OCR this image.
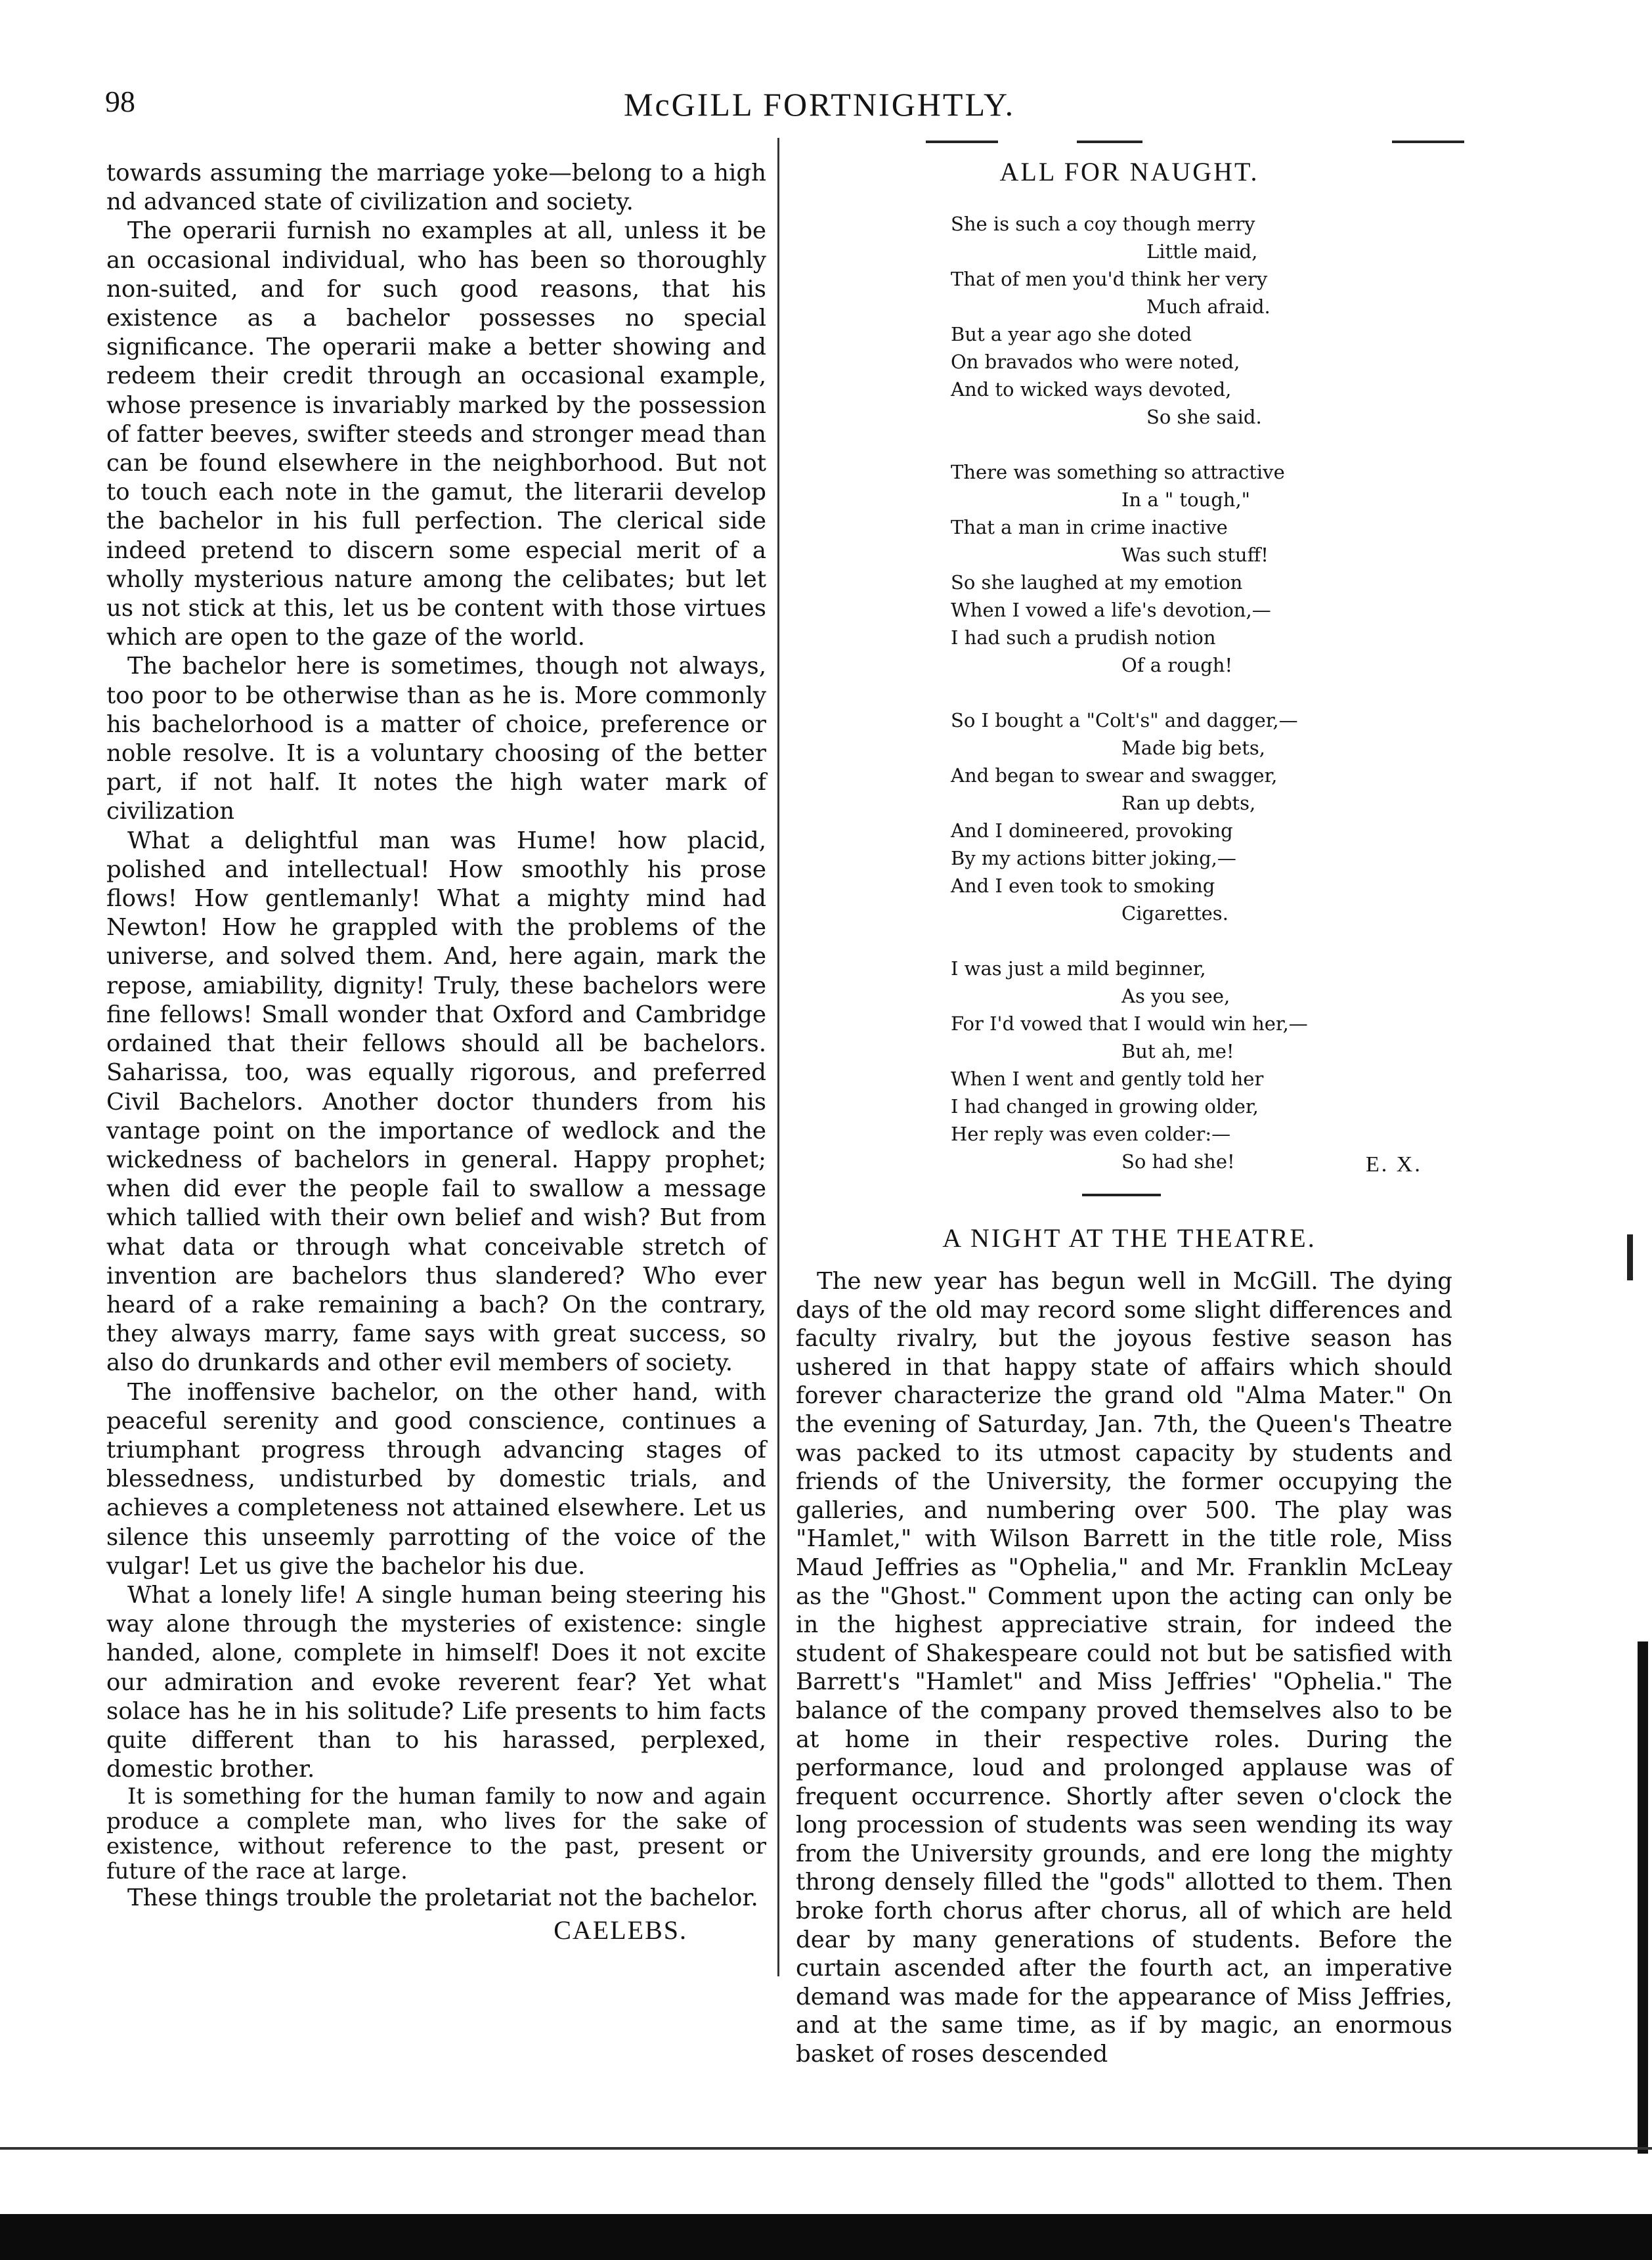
98	McGILL FORTNIGHTLY.

towards assuming the marriage yoke—belong to a high nd advanced state of civilization and society.

The operarii furnish no examples at all, unless it be an occasional individual, who has been so thoroughly non-suited, and for such good reasons, that his existence as a bachelor possesses no special significance. The operarii make a better showing and redeem their credit through an occasional example, whose presence is invariably marked by the possession of fatter beeves, swifter steeds and stronger mead than can be found elsewhere in the neighborhood. But not to touch each note in the gamut, the literarii develop the bachelor in his full perfection. The clerical side indeed pretend to discern some especial merit of a wholly mysterious nature among the celibates; but let us not stick at this, let us be content with those virtues which are open to the gaze of the world.

The bachelor here is sometimes, though not always, too poor to be otherwise than as he is. More commonly his bachelorhood is a matter of choice, preference or noble resolve. It is a voluntary choosing of the better part, if not half. It notes the high water mark of civilization

What a delightful man was Hume! how placid, polished and intellectual! How smoothly his prose flows! How gentlemanly! What a mighty mind had Newton! How he grappled with the problems of the universe, and solved them. And, here again, mark the repose, amiability, dignity! Truly, these bachelors were fine fellows! Small wonder that Oxford and Cambridge ordained that their fellows should all be bachelors. Saharissa, too, was equally rigorous, and preferred Civil Bachelors. Another doctor thunders from his vantage point on the importance of wedlock and the wickedness of bachelors in general. Happy prophet; when did ever the people fail to swallow a message which tallied with their own belief and wish? But from what data or through what conceivable stretch of invention are bachelors thus slandered? Who ever heard of a rake remaining a bach? On the contrary, they always marry, fame says with great success, so also do drunkards and other evil members of society.

The inoffensive bachelor, on the other hand, with peaceful serenity and good conscience, continues a triumphant progress through advancing stages of blessedness, undisturbed by domestic trials, and achieves a completeness not attained elsewhere. Let us silence this unseemly parrotting of the voice of the vulgar! Let us give the bachelor his due.

What a lonely life! A single human being steering his way alone through the mysteries of existence: single handed, alone, complete in himself! Does it not excite our admiration and evoke reverent fear? Yet what solace has he in his solitude? Life presents to him facts quite different than to his harassed, perplexed, domestic brother.

It is something for the human family to now and again produce a complete man, who lives for the sake of existence, without reference to the past, present or future of the race at large.

These things trouble the proletariat not the bachelor.

CAELEBS.
ALL FOR NAUGHT.
She is such a coy though merry
Little maid,
That of men you'd think her very
Much afraid.
But a year ago she doted
On bravados who were noted,
And to wicked ways devoted,
So she said.
There was something so attractive
In a " tough,"
That a man in crime inactive
Was such stuff!
So she laughed at my emotion
When I vowed a life's devotion,—
I had such a prudish notion
Of a rough!
So I bought a "Colt's" and dagger,—
Made big bets,
And began to swear and swagger,
Ran up debts,
And I domineered, provoking
By my actions bitter joking,—
And I even took to smoking
Cigarettes.
I was just a mild beginner,
As you see,
For I'd vowed that I would win her,—
But ah, me!
When I went and gently told her
I had changed in growing older,
Her reply was even colder:—
So had she!	E. X.
A NIGHT AT THE THEATRE.

The new year has begun well in McGill. The dying days of the old may record some slight differences and faculty rivalry, but the joyous festive season has ushered in that happy state of affairs which should forever characterize the grand old "Alma Mater." On the evening of Saturday, Jan. 7th, the Queen's Theatre was packed to its utmost capacity by students and friends of the University, the former occupying the galleries, and numbering over 500. The play was "Hamlet," with Wilson Barrett in the title role, Miss Maud Jeffries as "Ophelia," and Mr. Franklin McLeay as the "Ghost." Comment upon the acting can only be in the highest appreciative strain, for indeed the student of Shakespeare could not but be satisfied with Barrett's "Hamlet" and Miss Jeffries' "Ophelia." The balance of the company proved themselves also to be at home in their respective roles. During the performance, loud and prolonged applause was of frequent occurrence. Shortly after seven o'clock the long procession of students was seen wending its way from the University grounds, and ere long the mighty throng densely filled the "gods" allotted to them. Then broke forth chorus after chorus, all of which are held dear by many generations of students. Before the curtain ascended after the fourth act, an imperative demand was made for the appearance of Miss Jeffries, and at the same time, as if by magic, an enormous basket of roses descended
